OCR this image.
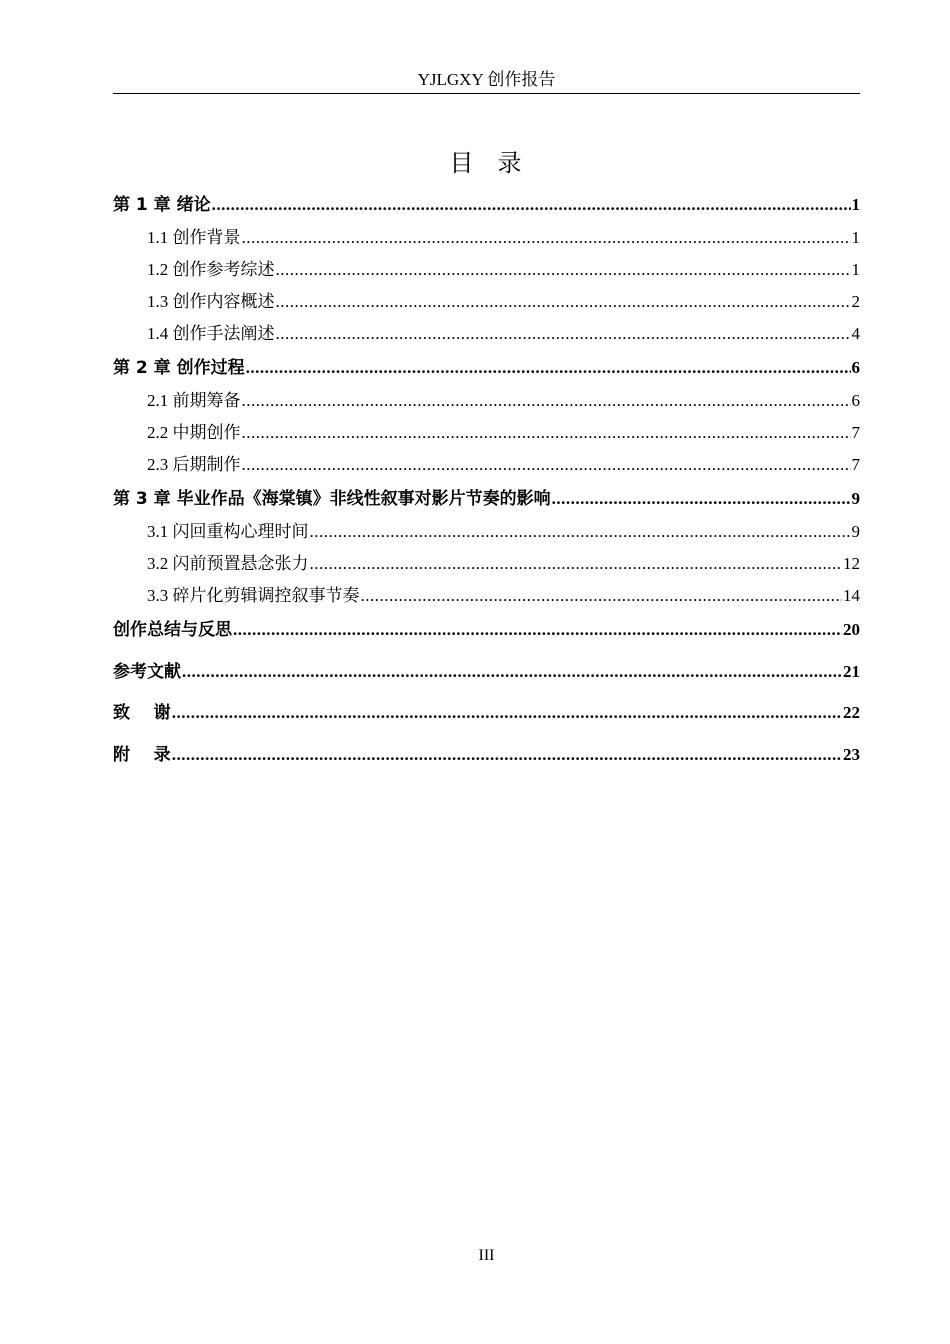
YJLGXY 创作报告
目 录
第 1 章 绪论 .....	1
1.1 创作背景 .....	1
1.2 创作参考综述 .....	1
1.3 创作内容概述 .....	2
1.4 创作手法阐述 .....	4
第 2 章 创作过程 .....	6
2.1 前期筹备 .....	6
2.2 中期创作 .....	7
2.3 后期制作 .....	7
第 3 章 毕业作品《海棠镇》非线性叙事对影片节奏的影响 .....	9
3.1 闪回重构心理时间 .....	9
3.2 闪前预置悬念张力 .....	12
3.3 碎片化剪辑调控叙事节奏 .....	14
创作总结与反思 .....	20
参考文献 .....	21
致    谢 .....	22
附    录 .....	23
III
